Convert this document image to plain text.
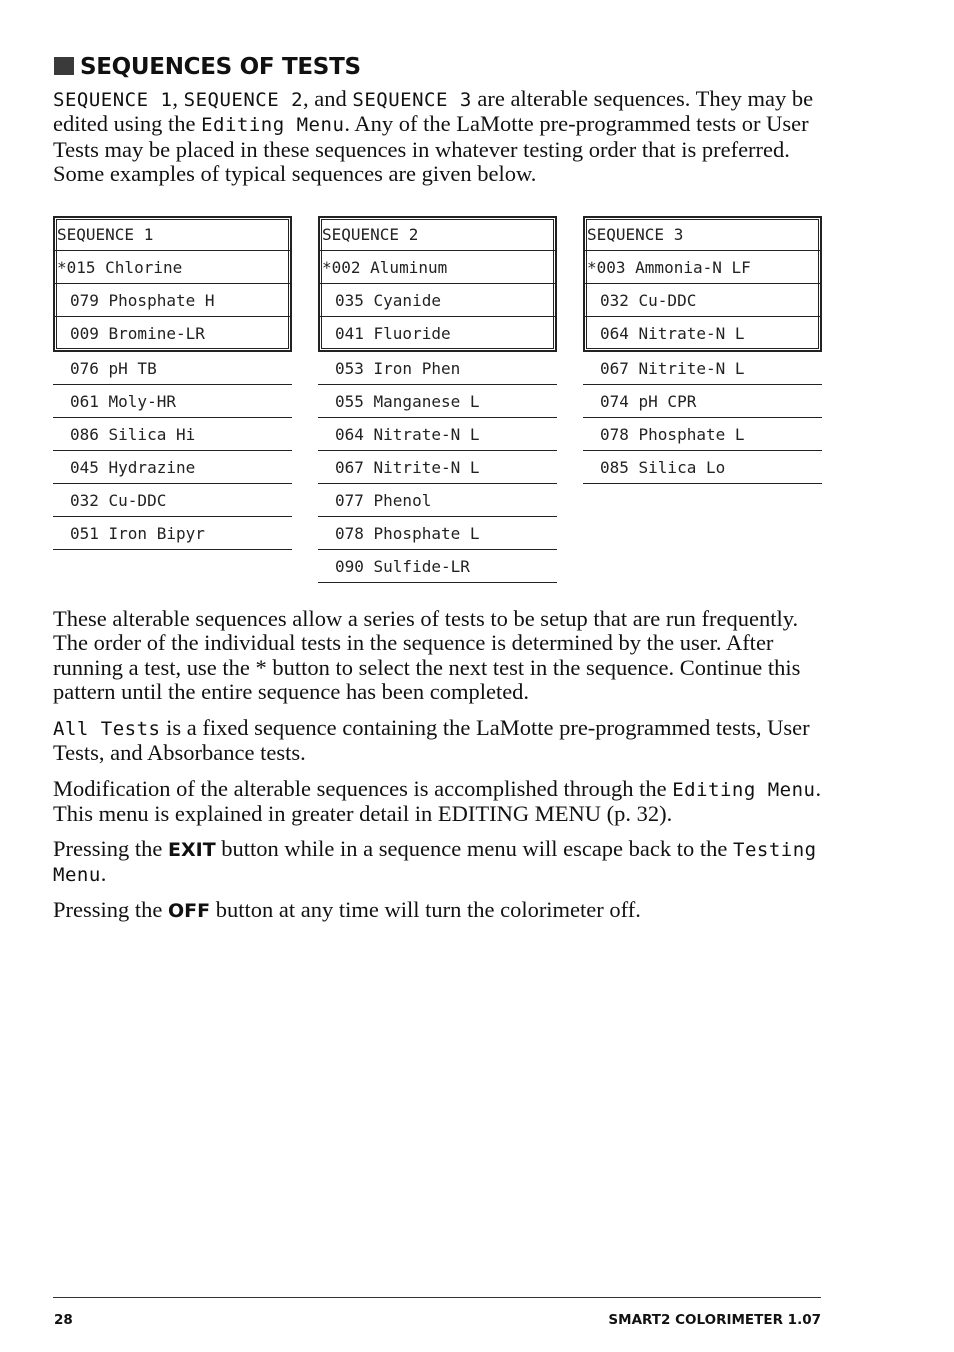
SEQUENCES OF TESTS
SEQUENCE 1, SEQUENCE 2, and SEQUENCE 3 are alterable sequences. They may be edited using the Editing Menu. Any of the LaMotte pre-programmed tests or User Tests may be placed in these sequences in whatever testing order that is preferred. Some examples of typical sequences are given below.
SEQUENCE 1
*015 Chlorine
079 Phosphate H
009 Bromine-LR
076 pH TB
061 Moly-HR
086 Silica Hi
045 Hydrazine
032 Cu-DDC
051 Iron Bipyr
SEQUENCE 2
*002 Aluminum
035 Cyanide
041 Fluoride
053 Iron Phen
055 Manganese L
064 Nitrate-N L
067 Nitrite-N L
077 Phenol
078 Phosphate L
090 Sulfide-LR
SEQUENCE 3
*003 Ammonia-N LF
032 Cu-DDC
064 Nitrate-N L
067 Nitrite-N L
074 pH CPR
078 Phosphate L
085 Silica Lo
These alterable sequences allow a series of tests to be setup that are run frequently. The order of the individual tests in the sequence is determined by the user. After running a test, use the * button to select the next test in the sequence. Continue this pattern until the entire sequence has been completed.
All Tests is a fixed sequence containing the LaMotte pre-programmed tests, User Tests, and Absorbance tests.
Modification of the alterable sequences is accomplished through the Editing Menu. This menu is explained in greater detail in EDITING MENU (p. 32).
Pressing the EXIT button while in a sequence menu will escape back to the Testing Menu.
Pressing the OFF button at any time will turn the colorimeter off.
28	SMART2 COLORIMETER 1.07
